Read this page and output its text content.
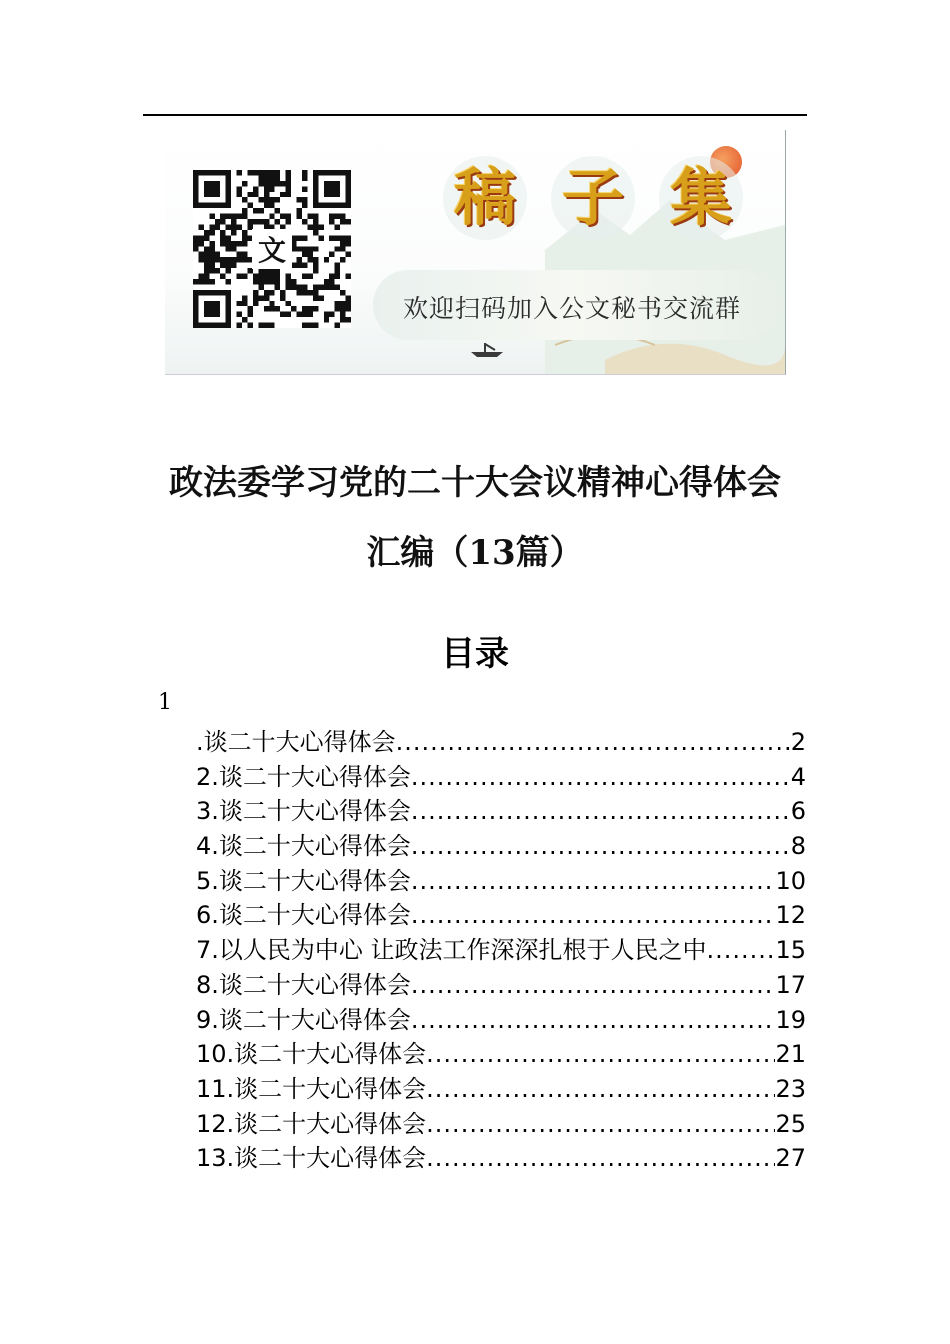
文
稿 子 集
欢迎扫码加入公文秘书交流群
政法委学习党的二十大会议精神心得体会
汇编（13篇）
目录
1
.谈二十大心得体会 .....	2
2.谈二十大心得体会 .....	4
3.谈二十大心得体会 .....	6
4.谈二十大心得体会 .....	8
5.谈二十大心得体会 .....	10
6.谈二十大心得体会 .....	12
7.以人民为中心 让政法工作深深扎根于人民之中 .....	15
8.谈二十大心得体会 .....	17
9.谈二十大心得体会 .....	19
10.谈二十大心得体会 .....	21
11.谈二十大心得体会 .....	23
12.谈二十大心得体会 .....	25
13.谈二十大心得体会 .....	27
